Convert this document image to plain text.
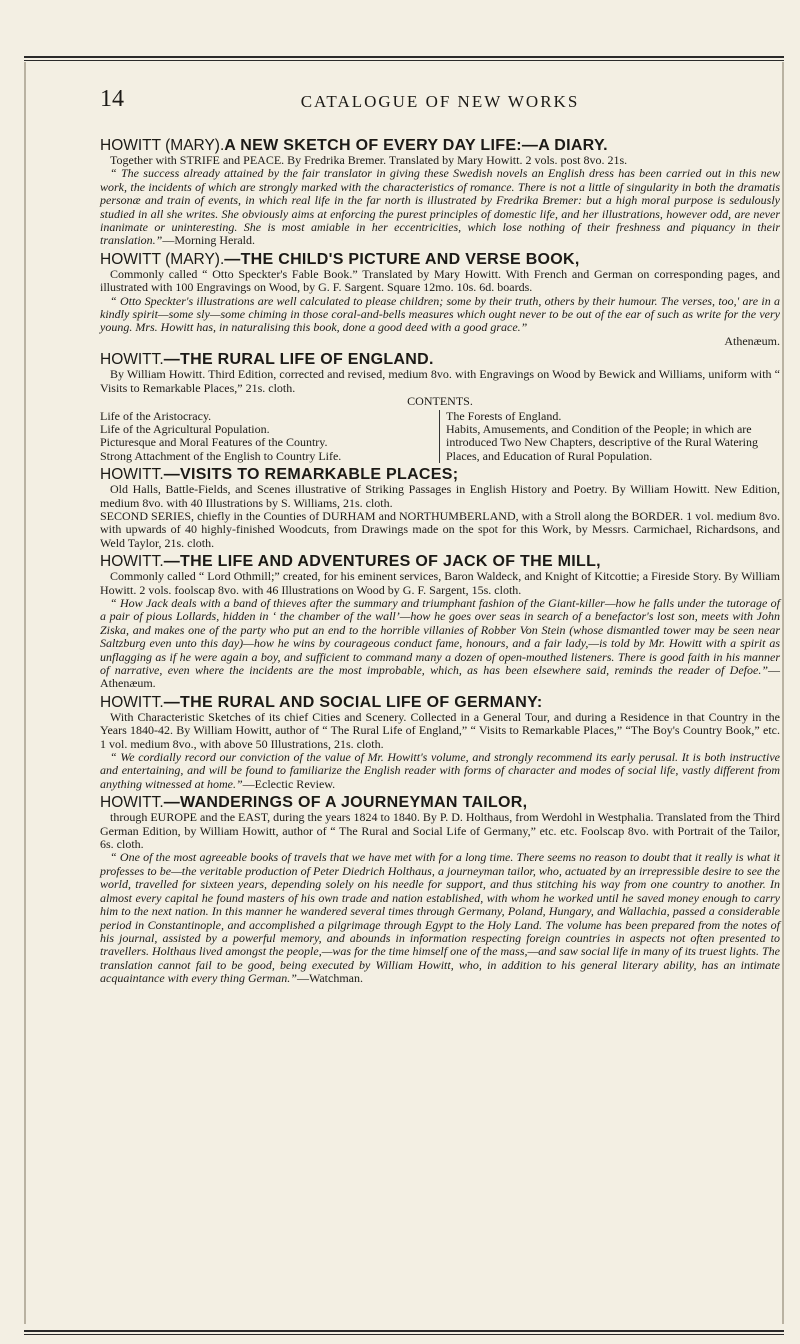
14	CATALOGUE OF NEW WORKS
HOWITT (MARY).A NEW SKETCH OF EVERY DAY LIFE:—A DIARY.

Together with STRIFE and PEACE. By Fredrika Bremer. Translated by Mary Howitt. 2 vols. post 8vo. 21s.

“ The success already attained by the fair translator in giving these Swedish novels an English dress has been carried out in this new work, the incidents of which are strongly marked with the characteristics of romance. There is not a little of singularity in both the dramatis personæ and train of events, in which real life in the far north is illustrated by Fredrika Bremer: but a high moral purpose is sedulously studied in all she writes. She obviously aims at enforcing the purest principles of domestic life, and her illustrations, however odd, are never inanimate or uninteresting. She is most amiable in her eccentricities, which lose nothing of their freshness and piquancy in their translation.”—Morning Herald.

HOWITT (MARY).—THE CHILD'S PICTURE AND VERSE BOOK,

Commonly called “ Otto Speckter's Fable Book.” Translated by Mary Howitt. With French and German on corresponding pages, and illustrated with 100 Engravings on Wood, by G. F. Sargent. Square 12mo. 10s. 6d. boards.

“ Otto Speckter's illustrations are well calculated to please children; some by their truth, others by their humour. The verses, too,' are in a kindly spirit—some sly—some chiming in those coral-and-bells measures which ought never to be out of the ear of such as write for the very young. Mrs. Howitt has, in naturalising this book, done a good deed with a good grace.”

Athenæum.

HOWITT.—THE RURAL LIFE OF ENGLAND.

By William Howitt. Third Edition, corrected and revised, medium 8vo. with Engravings on Wood by Bewick and Williams, uniform with “ Visits to Remarkable Places,” 21s. cloth.

CONTENTS.

Life of the Aristocracy.
Life of the Agricultural Population.
Picturesque and Moral Features of the Country.
Strong Attachment of the English to Country Life.
The Forests of England.
Habits, Amusements, and Condition of the People; in which are introduced Two New Chapters, descriptive of the Rural Watering Places, and Education of Rural Population.
HOWITT.—VISITS TO REMARKABLE PLACES;

Old Halls, Battle-Fields, and Scenes illustrative of Striking Passages in English History and Poetry. By William Howitt. New Edition, medium 8vo. with 40 Illustrations by S. Williams, 21s. cloth.

SECOND SERIES, chiefly in the Counties of DURHAM and NORTHUMBERLAND, with a Stroll along the BORDER. 1 vol. medium 8vo. with upwards of 40 highly-finished Woodcuts, from Drawings made on the spot for this Work, by Messrs. Carmichael, Richardsons, and Weld Taylor, 21s. cloth.

HOWITT.—THE LIFE AND ADVENTURES OF JACK OF THE MILL,

Commonly called “ Lord Othmill;” created, for his eminent services, Baron Waldeck, and Knight of Kitcottie; a Fireside Story. By William Howitt. 2 vols. foolscap 8vo. with 46 Illustrations on Wood by G. F. Sargent, 15s. cloth.

“ How Jack deals with a band of thieves after the summary and triumphant fashion of the Giant-killer—how he falls under the tutorage of a pair of pious Lollards, hidden in ‘ the chamber of the wall’—how he goes over seas in search of a benefactor's lost son, meets with John Ziska, and makes one of the party who put an end to the horrible villanies of Robber Von Stein (whose dismantled tower may be seen near Saltzburg even unto this day)—how he wins by courageous conduct fame, honours, and a fair lady,—is told by Mr. Howitt with a spirit as unflagging as if he were again a boy, and sufficient to command many a dozen of open-mouthed listeners. There is good faith in his manner of narrative, even where the incidents are the most improbable, which, as has been elsewhere said, reminds the reader of Defoe.”—Athenæum.

HOWITT.—THE RURAL AND SOCIAL LIFE OF GERMANY:

With Characteristic Sketches of its chief Cities and Scenery. Collected in a General Tour, and during a Residence in that Country in the Years 1840-42. By William Howitt, author of “ The Rural Life of England,” “ Visits to Remarkable Places,” “The Boy's Country Book,” etc. 1 vol. medium 8vo., with above 50 Illustrations, 21s. cloth.

“ We cordially record our conviction of the value of Mr. Howitt's volume, and strongly recommend its early perusal. It is both instructive and entertaining, and will be found to familiarize the English reader with forms of character and modes of social life, vastly different from anything witnessed at home.”—Eclectic Review.

HOWITT.—WANDERINGS OF A JOURNEYMAN TAILOR,

through EUROPE and the EAST, during the years 1824 to 1840. By P. D. Holthaus, from Werdohl in Westphalia. Translated from the Third German Edition, by William Howitt, author of “ The Rural and Social Life of Germany,” etc. etc. Foolscap 8vo. with Portrait of the Tailor, 6s. cloth.

“ One of the most agreeable books of travels that we have met with for a long time. There seems no reason to doubt that it really is what it professes to be—the veritable production of Peter Diedrich Holthaus, a journeyman tailor, who, actuated by an irrepressible desire to see the world, travelled for sixteen years, depending solely on his needle for support, and thus stitching his way from one country to another. In almost every capital he found masters of his own trade and nation established, with whom he worked until he saved money enough to carry him to the next nation. In this manner he wandered several times through Germany, Poland, Hungary, and Wallachia, passed a considerable period in Constantinople, and accomplished a pilgrimage through Egypt to the Holy Land. The volume has been prepared from the notes of his journal, assisted by a powerful memory, and abounds in information respecting foreign countries in aspects not often presented to travellers. Holthaus lived amongst the people,—was for the time himself one of the mass,—and saw social life in many of its truest lights. The translation cannot fail to be good, being executed by William Howitt, who, in addition to his general literary ability, has an intimate acquaintance with every thing German.”—Watchman.
